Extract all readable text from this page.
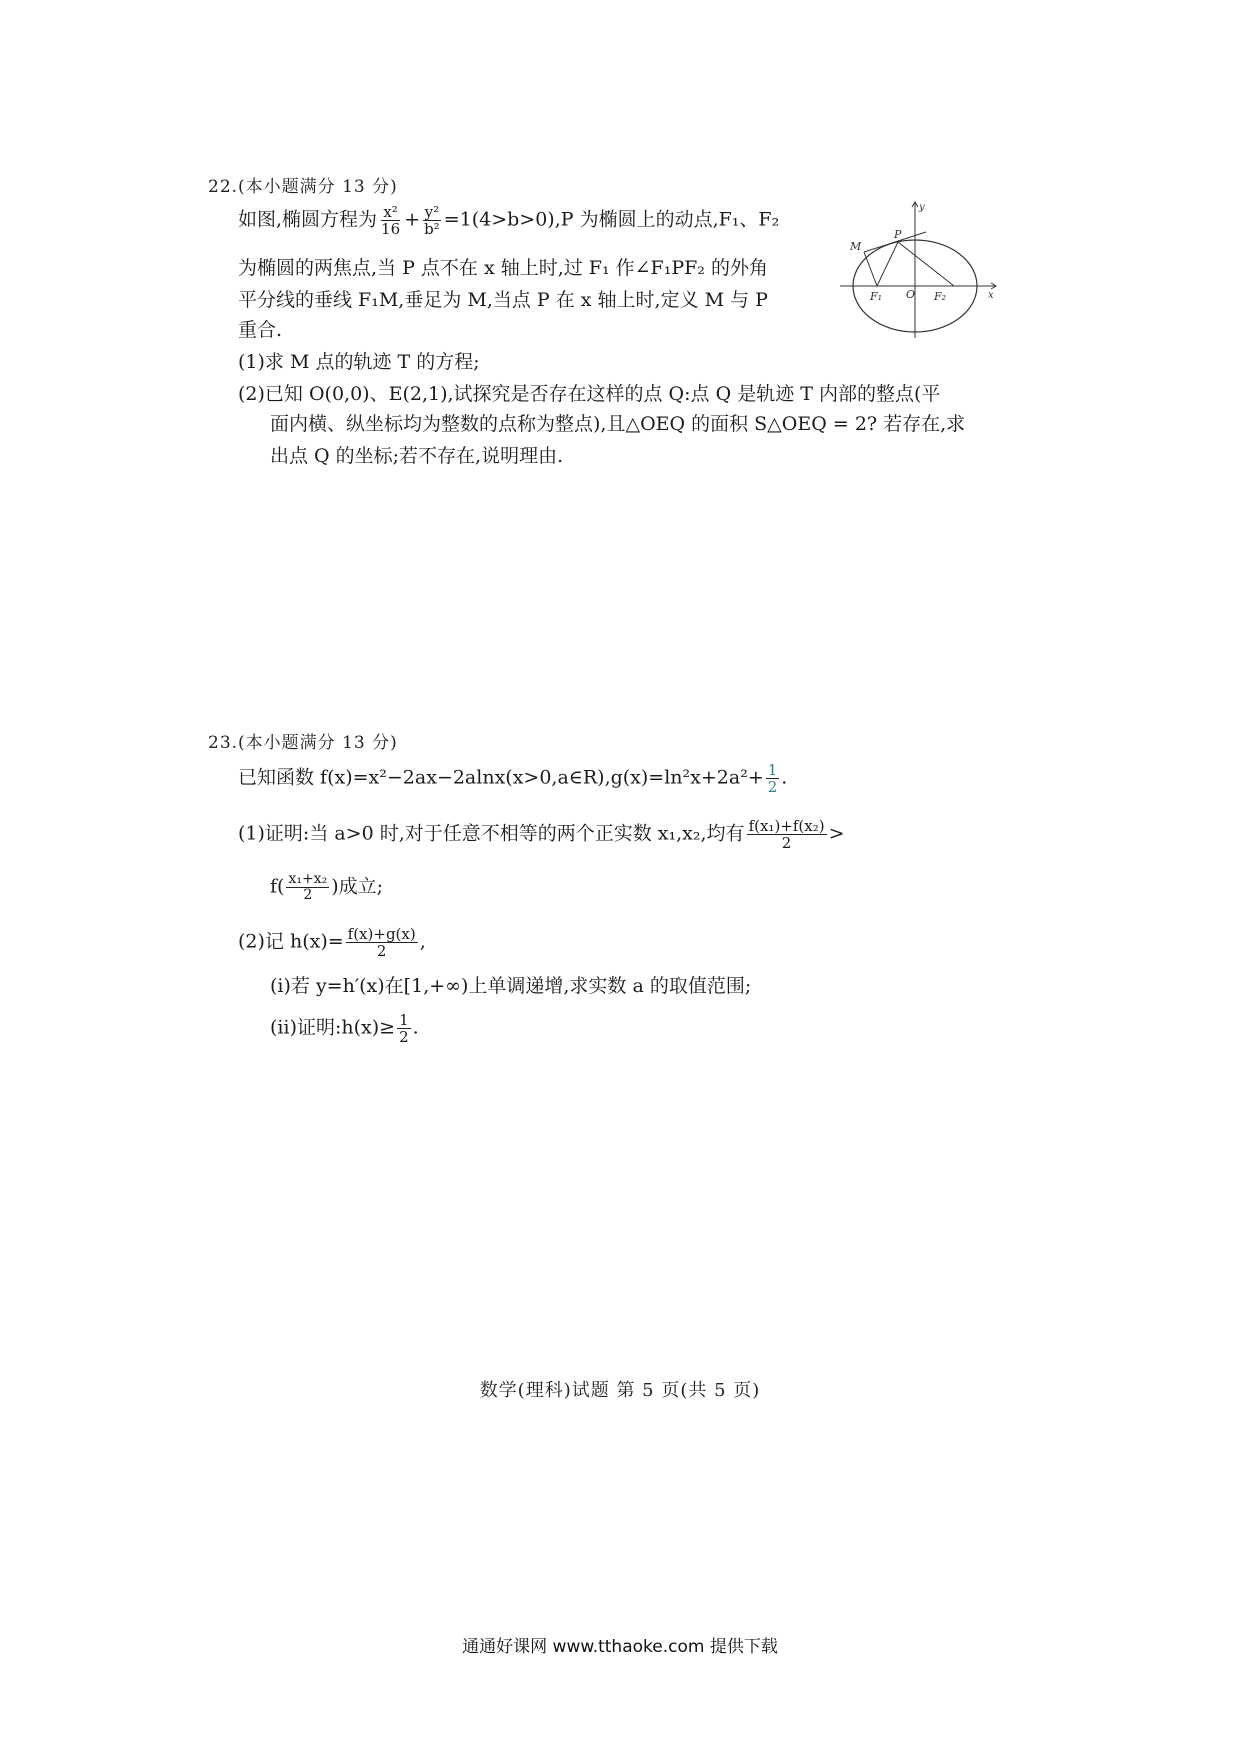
22.(本小题满分 13 分)
如图,椭圆方程为 $\frac{\text{x²}}{16} + \frac{\text{y²}}{\text{b²}} =1(4>b>0),P$ 为椭圆上的动点,F₁、F₂
为椭圆的两焦点,当 P 点不在 x 轴上时,过 F₁ 作∠F₁PF₂ 的外角
平分线的垂线 F₁M,垂足为 M,当点 P 在 x 轴上时,定义 M 与 P
重合.
(1)求 M 点的轨迹 T 的方程;
(2)已知 O(0,0)、E(2,1),试探究是否存在这样的点 Q:点 Q 是轨迹 T 内部的整点(平
面内横、纵坐标均为整数的点称为整点),且△OEQ 的面积 S△OEQ = 2? 若存在,求
出点 Q 的坐标;若不存在,说明理由.
y
x
M
P
F₁ O F₂
23.(本小题满分 13 分)
已知函数 f(x)=x²−2ax−2alnx(x>0,a∈R),g(x)=ln²x+2a²+ $\frac{1}{2}$ .
(1)证明:当 a>0 时,对于任意不相等的两个正实数 x₁,x₂,均有 $\frac{\text{f(x₁)+f(x₂)}}{2}$ >
$f( \frac{\text{x₁+x₂}}{2}$ )成立;
(2)记 $h(x)= \frac{f(x)+g(x)}{2}$ ,
(ⅰ)若 y=h′(x)在[1,+∞)上单调递增,求实数 a 的取值范围;
(ⅱ)证明:h(x)≥ $\frac{1}{2}$ .
数学(理科)试题 第 5 页(共 5 页)
通通好课网 www.tthaoke.com 提供下载
